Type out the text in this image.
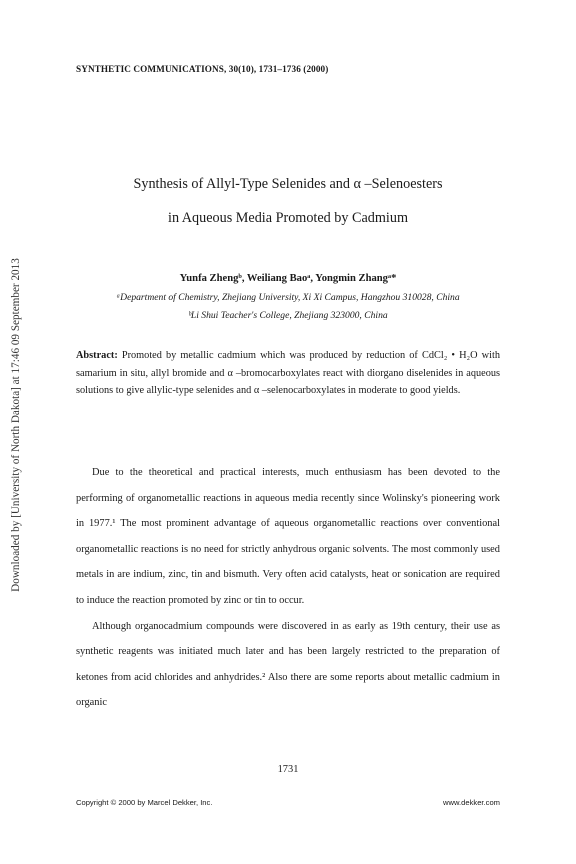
Downloaded by [University of North Dakota] at 17:46 09 September 2013
SYNTHETIC COMMUNICATIONS, 30(10), 1731–1736 (2000)
Synthesis of Allyl-Type Selenides and α –Selenoesters
in Aqueous Media Promoted by Cadmium
Yunfa Zhengᵇ, Weiliang Baoᵃ, Yongmin Zhangᵃ*
ᵃDepartment of Chemistry, Zhejiang University, Xi Xi Campus, Hangzhou 310028, China
ᵇLi Shui Teacher's College, Zhejiang 323000, China
Abstract: Promoted by metallic cadmium which was produced by reduction of CdCl₂ • H₂O with samarium in situ, allyl bromide and α –bromocarboxylates react with diorgano diselenides in aqueous solutions to give allylic-type selenides and α –selenocarboxylates in moderate to good yields.

Due to the theoretical and practical interests, much enthusiasm has been devoted to the performing of organometallic reactions in aqueous media recently since Wolinsky's pioneering work in 1977.¹ The most prominent advantage of aqueous organometallic reactions over conventional organometallic reactions is no need for strictly anhydrous organic solvents. The most commonly used metals in are indium, zinc, tin and bismuth. Very often acid catalysts, heat or sonication are required to induce the reaction promoted by zinc or tin to occur.

Although organocadmium compounds were discovered in as early as 19th century, their use as synthetic reagents was initiated much later and has been largely restricted to the preparation of ketones from acid chlorides and anhydrides.² Also there are some reports about metallic cadmium in organic

1731
Copyright © 2000 by Marcel Dekker, Inc.	www.dekker.com
